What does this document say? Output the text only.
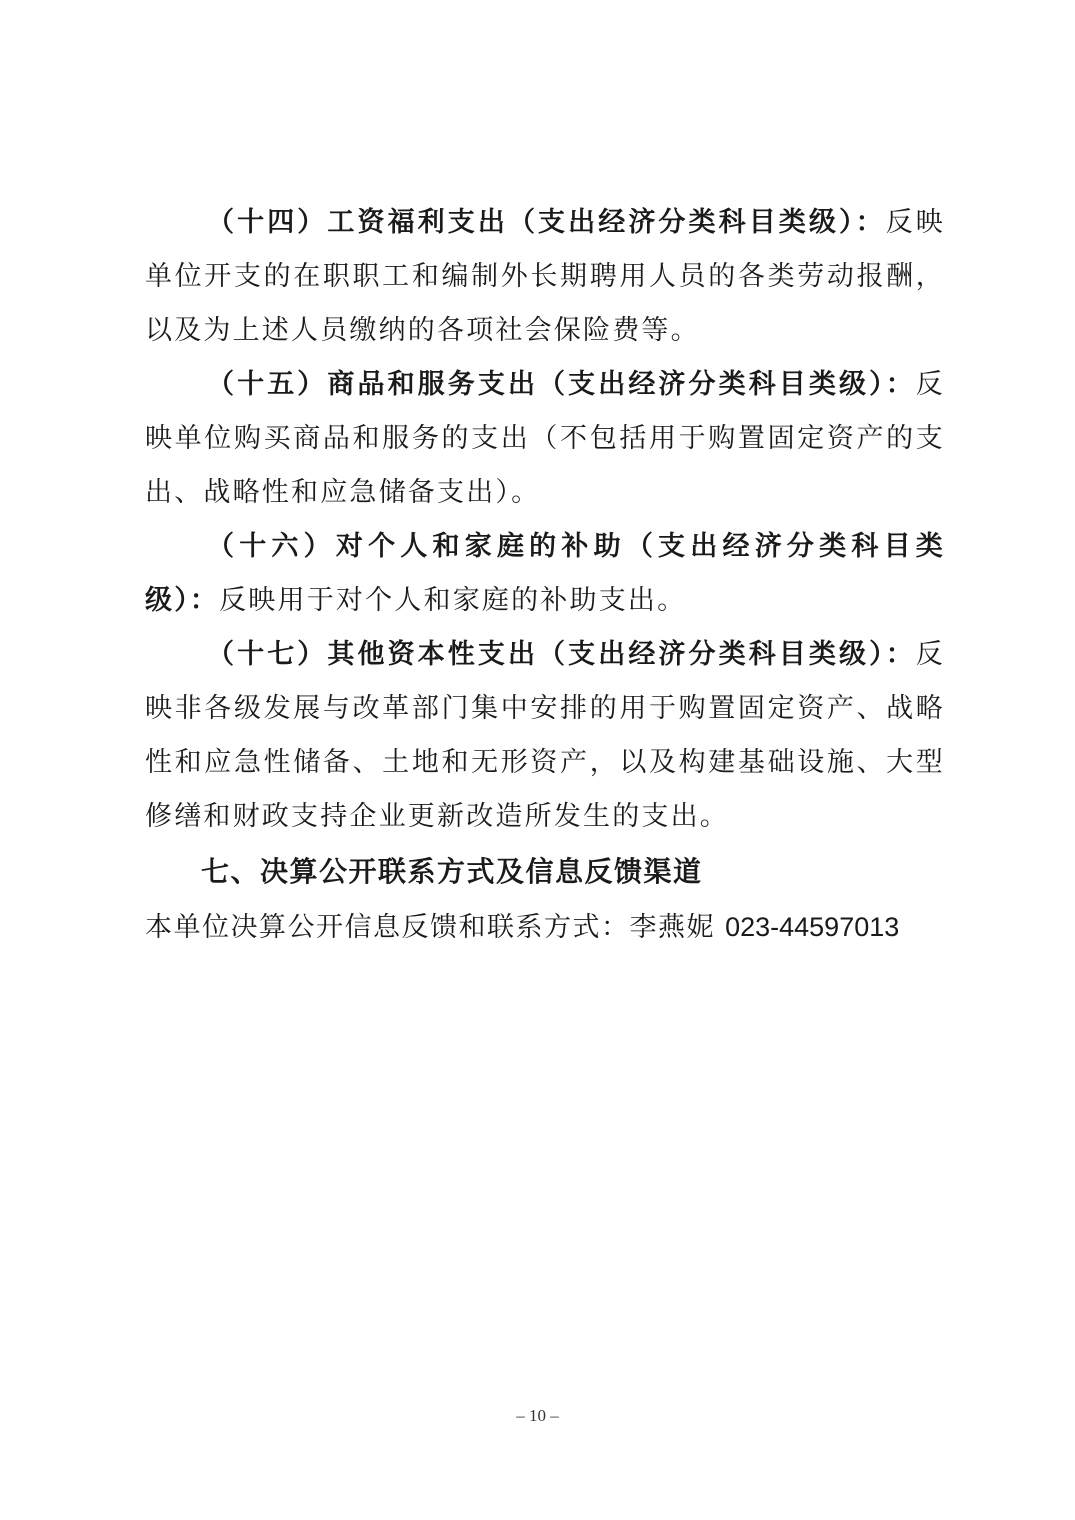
（十四）工资福利支出（支出经济分类科目类级）：反映单位开支的在职职工和编制外长期聘用人员的各类劳动报酬，以及为上述人员缴纳的各项社会保险费等。

（十五）商品和服务支出（支出经济分类科目类级）：反映单位购买商品和服务的支出（不包括用于购置固定资产的支出、战略性和应急储备支出）。

（十六）对个人和家庭的补助（支出经济分类科目类级）：反映用于对个人和家庭的补助支出。

（十七）其他资本性支出（支出经济分类科目类级）：反映非各级发展与改革部门集中安排的用于购置固定资产、战略性和应急性储备、土地和无形资产，以及构建基础设施、大型修缮和财政支持企业更新改造所发生的支出。

七、决算公开联系方式及信息反馈渠道

本单位决算公开信息反馈和联系方式：李燕妮 023-44597013

– 10 –
